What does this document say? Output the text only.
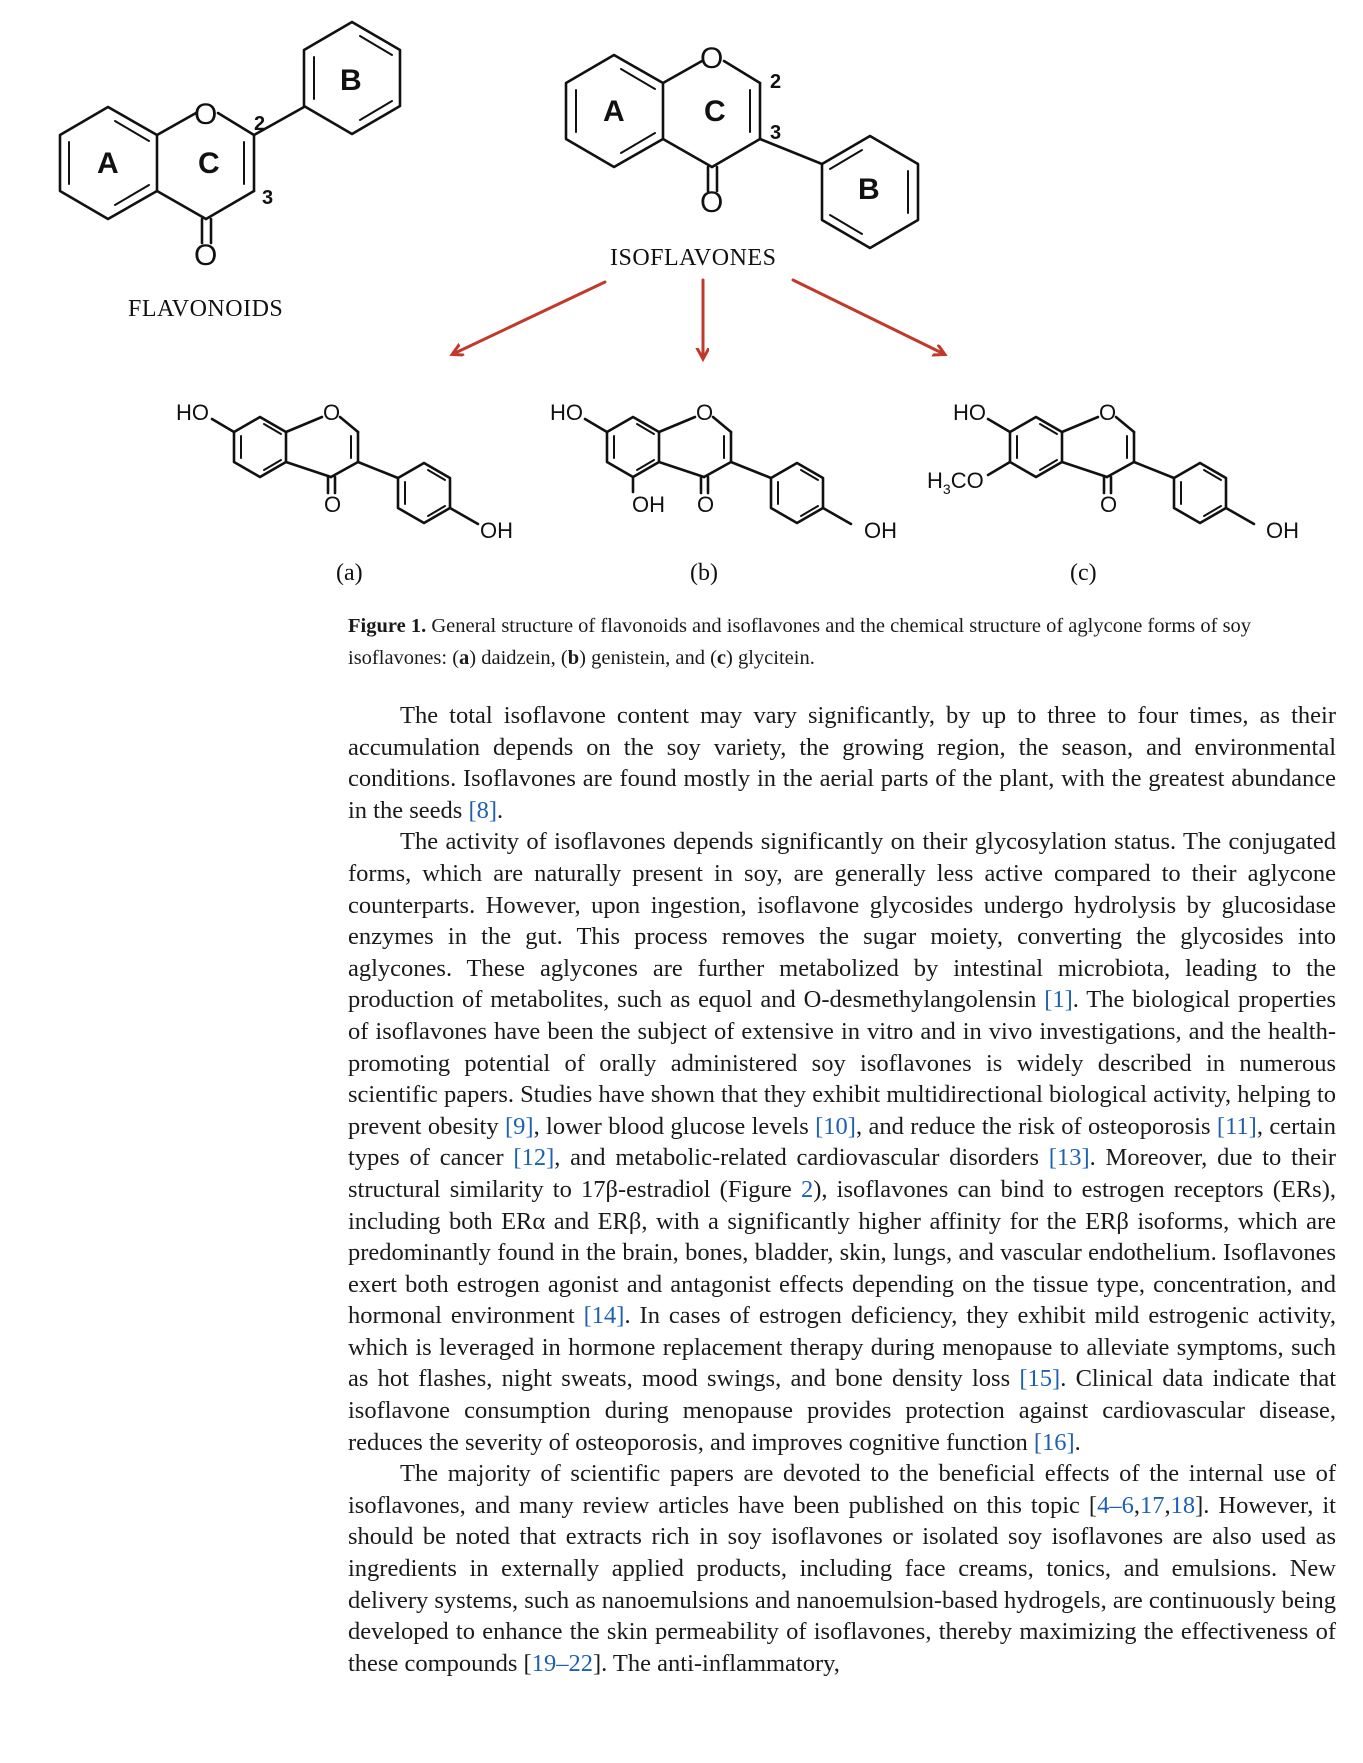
O
O
A	C
B
2
3
FLAVONOIDS
O
O
A	C
B
2
3
ISOFLAVONES
HO	O
O
OH
(a)
HO	O
O
OH
OH
(b)
HO
$H_3CO$
O
O
OH
(c)
Figure 1. General structure of flavonoids and isoflavones and the chemical structure of aglycone forms of soy isoflavones: (a) daidzein, (b) genistein, and (c) glycitein.

The total isoflavone content may vary significantly, by up to three to four times, as their accumulation depends on the soy variety, the growing region, the season, and environmental conditions. Isoflavones are found mostly in the aerial parts of the plant, with the greatest abundance in the seeds [8].

The activity of isoflavones depends significantly on their glycosylation status. The conjugated forms, which are naturally present in soy, are generally less active compared to their aglycone counterparts. However, upon ingestion, isoflavone glycosides undergo hydrolysis by glucosidase enzymes in the gut. This process removes the sugar moiety, converting the glycosides into aglycones. These aglycones are further metabolized by intestinal microbiota, leading to the production of metabolites, such as equol and O-desmethylangolensin [1]. The biological properties of isoflavones have been the subject of extensive in vitro and in vivo investigations, and the health-promoting potential of orally administered soy isoflavones is widely described in numerous scientific papers. Studies have shown that they exhibit multidirectional biological activity, helping to prevent obesity [9], lower blood glucose levels [10], and reduce the risk of osteoporosis [11], certain types of cancer [12], and metabolic-related cardiovascular disorders [13]. Moreover, due to their structural similarity to 17β-estradiol (Figure 2), isoflavones can bind to estrogen receptors (ERs), including both ERα and ERβ, with a significantly higher affinity for the ERβ isoforms, which are predominantly found in the brain, bones, bladder, skin, lungs, and vascular endothelium. Isoflavones exert both estrogen agonist and antagonist effects depending on the tissue type, concentration, and hormonal environment [14]. In cases of estrogen deficiency, they exhibit mild estrogenic activity, which is leveraged in hormone replacement therapy during menopause to alleviate symptoms, such as hot flashes, night sweats, mood swings, and bone density loss [15]. Clinical data indicate that isoflavone consumption during menopause provides protection against cardiovascular disease, reduces the severity of osteoporosis, and improves cognitive function [16].

The majority of scientific papers are devoted to the beneficial effects of the internal use of isoflavones, and many review articles have been published on this topic [4–6,17,18]. However, it should be noted that extracts rich in soy isoflavones or isolated soy isoflavones are also used as ingredients in externally applied products, including face creams, tonics, and emulsions. New delivery systems, such as nanoemulsions and nanoemulsion-based hydrogels, are continuously being developed to enhance the skin permeability of isoflavones, thereby maximizing the effectiveness of these compounds [19–22]. The anti-inflammatory,
